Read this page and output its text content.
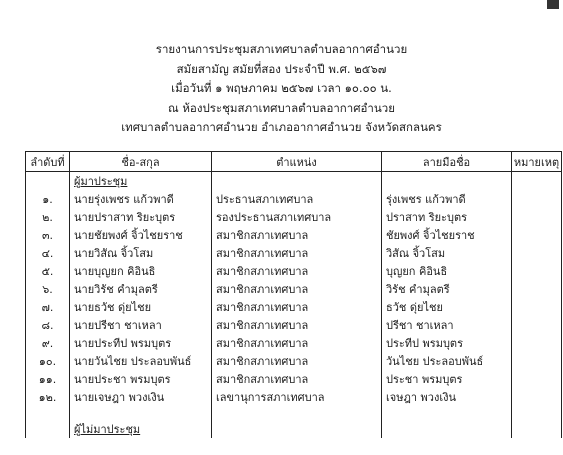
รายงานการประชุมสภาเทศบาลตำบลอากาศอำนวย
สมัยสามัญ สมัยที่สอง ประจำปี พ.ศ. ๒๕๖๗
เมื่อวันที่ ๑ พฤษภาคม ๒๕๖๗ เวลา ๑๐.๐๐ น.
ณ ห้องประชุมสภาเทศบาลตำบลอากาศอำนวย
เทศบาลตำบลอากาศอำนวย อำเภออากาศอำนวย จังหวัดสกลนคร
ลำดับที่	ชื่อ-สกุล	ตำแหน่ง	ลายมือชื่อ	หมายเหตุ
	ผู้มาประชุม			
๑.	นายรุ่งเพชร แก้วพาดี	ประธานสภาเทศบาล	รุ่งเพชร แก้วพาดี	
๒.	นายปราสาท ริยะบุตร	รองประธานสภาเทศบาล	ปราสาท ริยะบุตร	
๓.	นายชัยพงศ์ จิ้วไชยราช	สมาชิกสภาเทศบาล	ชัยพงศ์ จิ้วไชยราช	
๔.	นายวิสัณ จิ้วโสม	สมาชิกสภาเทศบาล	วิสัณ จิ้วโสม	
๕.	นายบุญยก คิอินธิ	สมาชิกสภาเทศบาล	บุญยก คิอินธิ	
๖.	นายวิรัช คำมุลตรี	สมาชิกสภาเทศบาล	วิรัช คำมุลตรี	
๗.	นายธวัช ดุ่ยไชย	สมาชิกสภาเทศบาล	ธวัช ดุ่ยไชย	
๘.	นายปรีชา ชาเหลา	สมาชิกสภาเทศบาล	ปรีชา ชาเหลา	
๙.	นายประทีป พรมบุตร	สมาชิกสภาเทศบาล	ประทีป พรมบุตร	
๑๐.	นายวันไชย ประลอบพันธ์	สมาชิกสภาเทศบาล	วันไชย ประลอบพันธ์	
๑๑.	นายประชา พรมบุตร	สมาชิกสภาเทศบาล	ประชา พรมบุตร	
๑๒.	นายเจษฎา พวงเงิน	เลขานุการสภาเทศบาล	เจษฎา พวงเงิน	

	ผู้ไม่มาประชุม			
